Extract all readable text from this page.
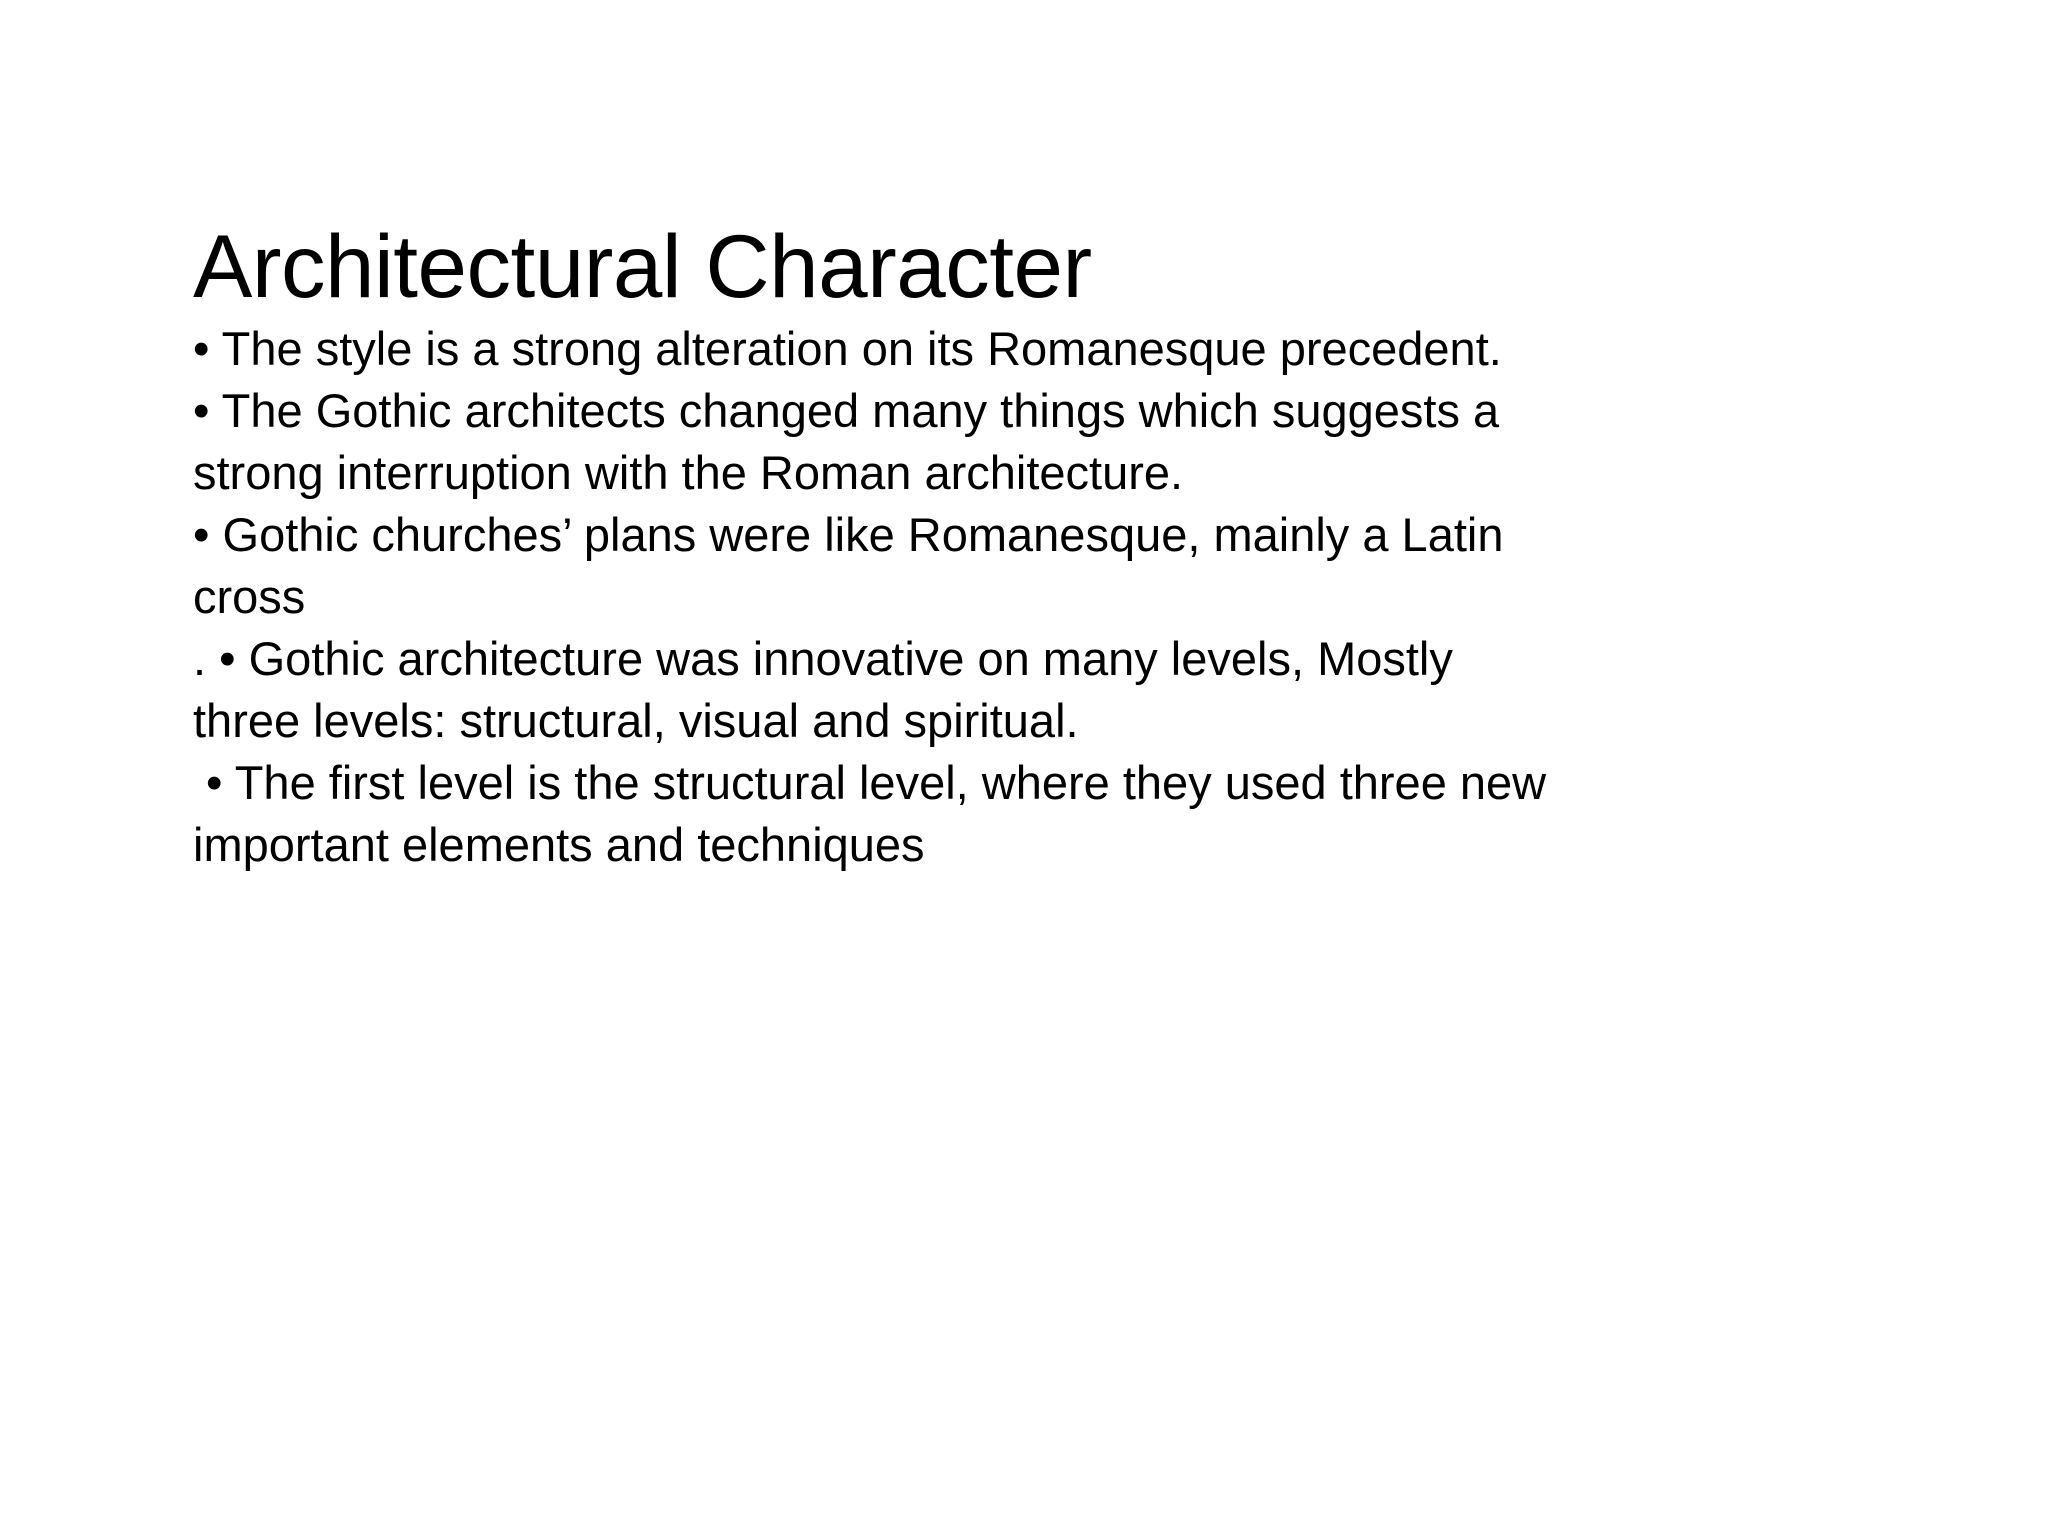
Architectural Character
• The style is a strong alteration on its Romanesque precedent.
• The Gothic architects changed many things which suggests a
strong interruption with the Roman architecture.
• Gothic churches’ plans were like Romanesque, mainly a Latin
cross
. • Gothic architecture was innovative on many levels, Mostly
three levels: structural, visual and spiritual.
• The first level is the structural level, where they used three new
important elements and techniques
